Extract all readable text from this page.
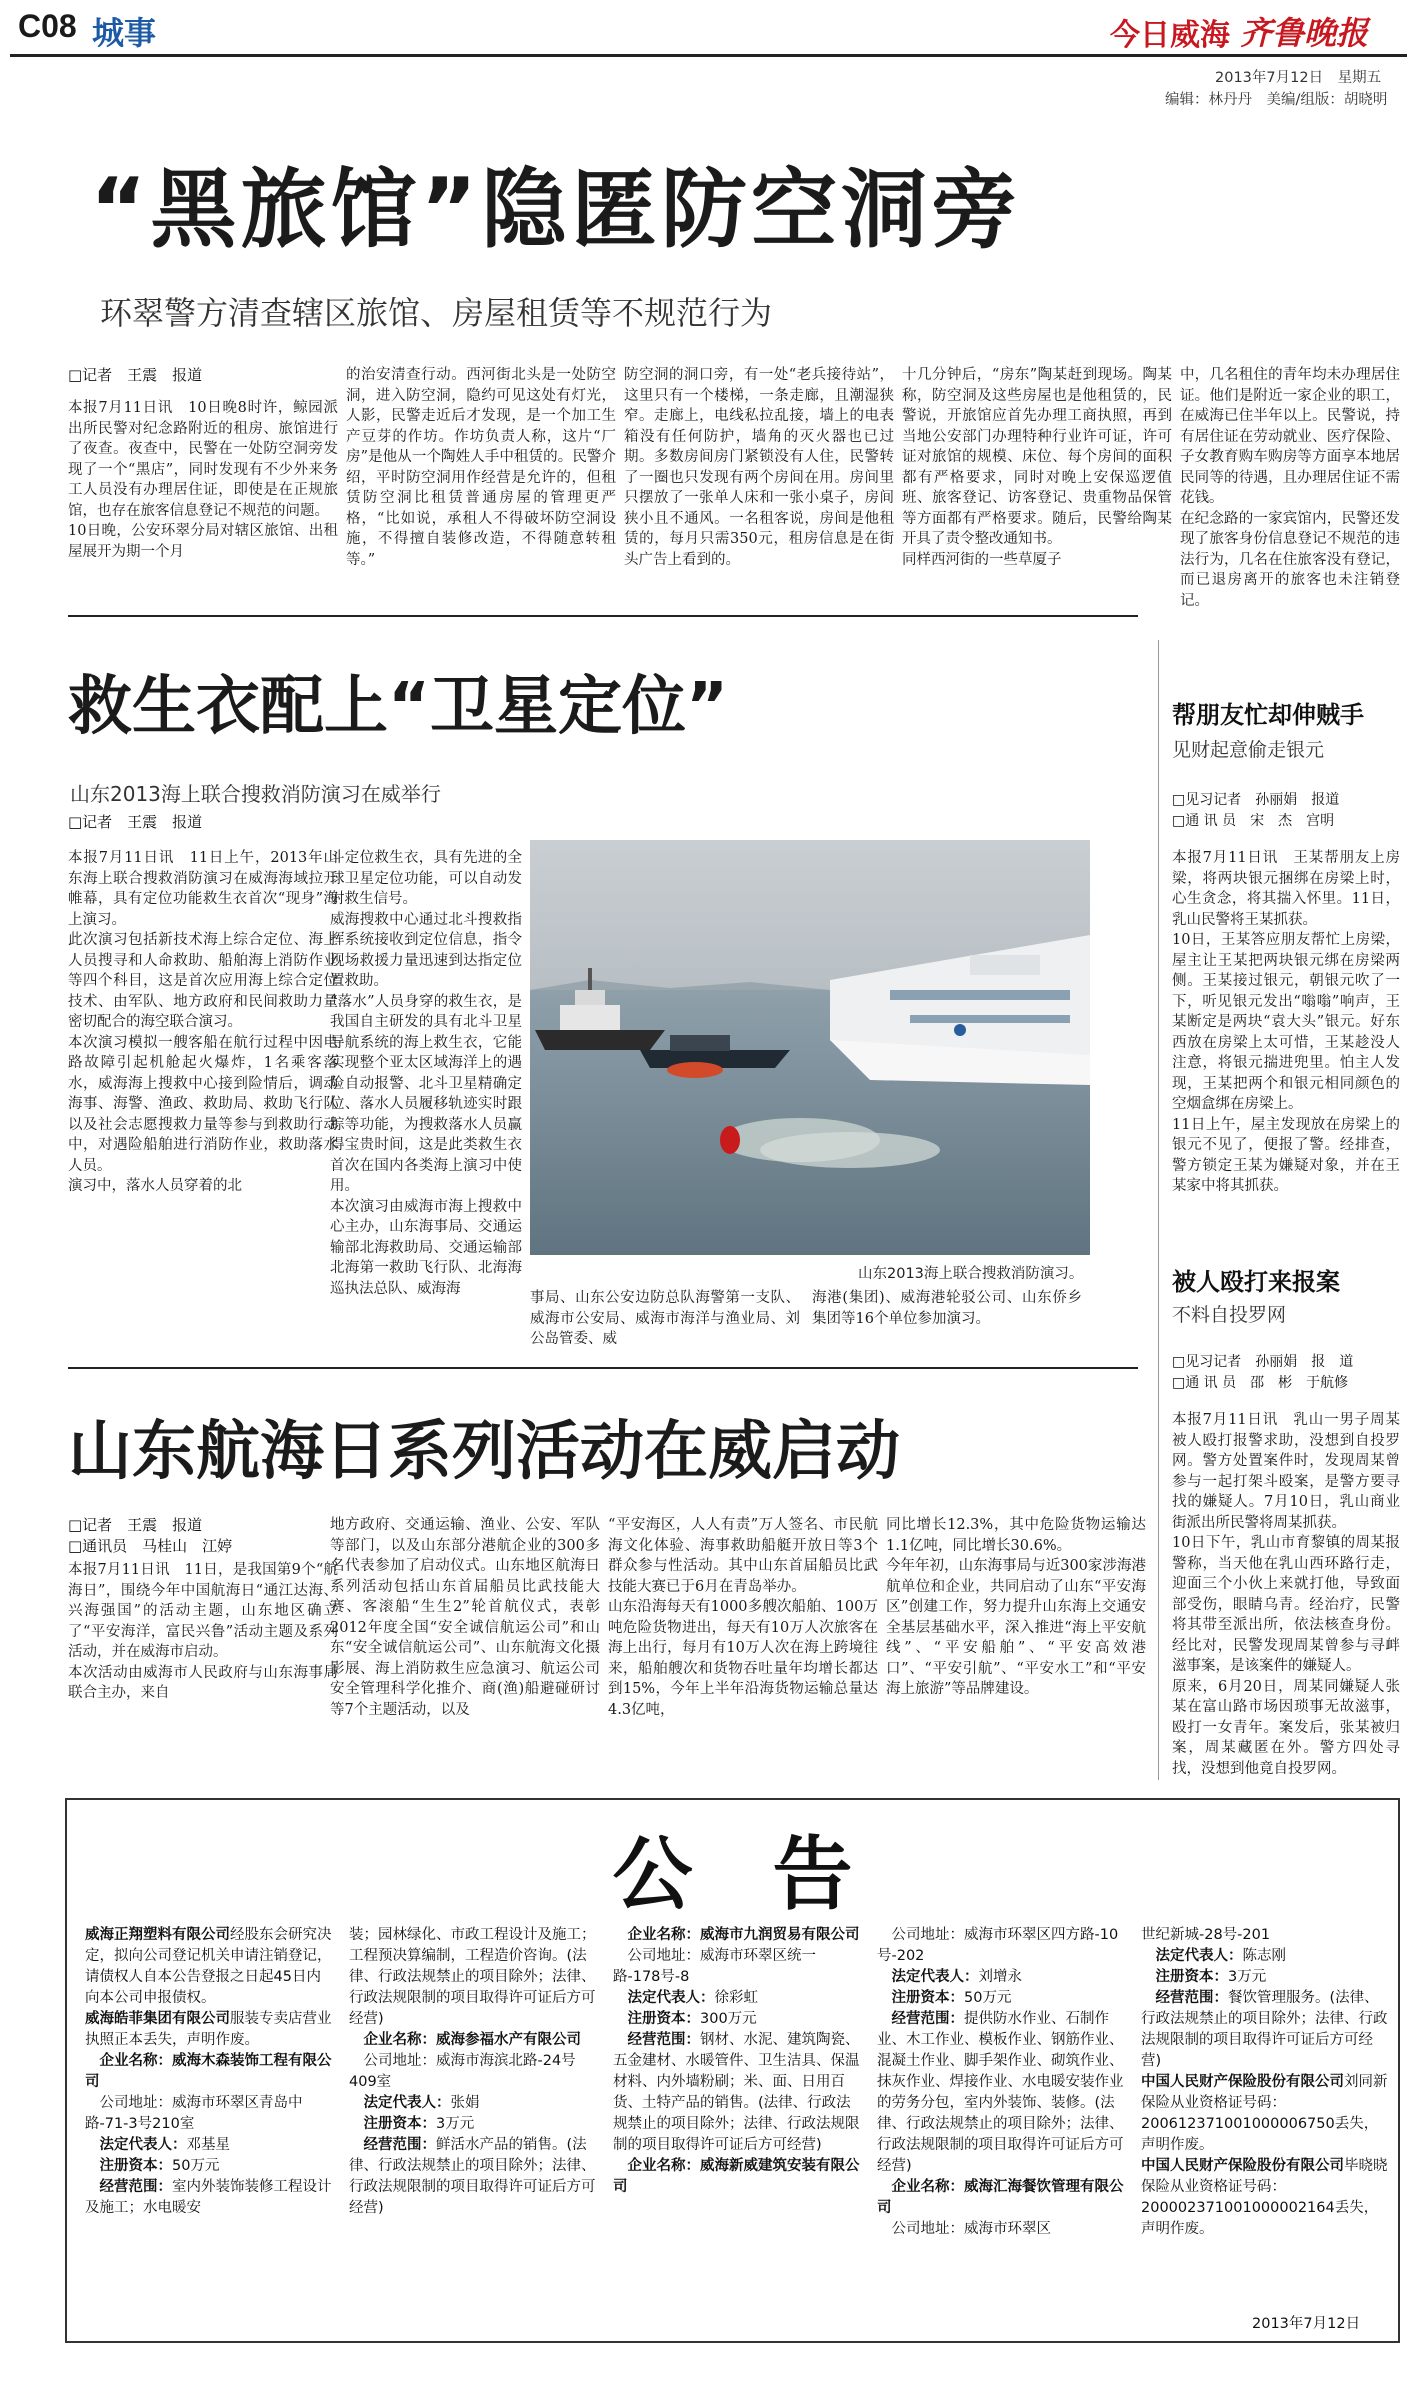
C08 城事	今日威海 齐鲁晚报
2013年7月12日　星期五
编辑：林丹丹　美编/组版：胡晓明
“黑旅馆”隐匿防空洞旁
环翠警方清查辖区旅馆、房屋租赁等不规范行为
□记者　王震　报道
本报7月11日讯　10日晚8时许，鲸园派出所民警对纪念路附近的租房、旅馆进行了夜查。夜查中，民警在一处防空洞旁发现了一个“黑店”，同时发现有不少外来务工人员没有办理居住证，即使是在正规旅馆，也存在旅客信息登记不规范的问题。
10日晚，公安环翠分局对辖区旅馆、出租屋展开为期一个月
的治安清查行动。西河街北头是一处防空洞，进入防空洞，隐约可见这处有灯光，人影，民警走近后才发现，是一个加工生产豆芽的作坊。作坊负责人称，这片“厂房”是他从一个陶姓人手中租赁的。民警介绍，平时防空洞用作经营是允许的，但租赁防空洞比租赁普通房屋的管理更严格，“比如说，承租人不得破坏防空洞设施，不得擅自装修改造，不得随意转租等。”
防空洞的洞口旁，有一处“老兵接待站”，这里只有一个楼梯，一条走廊，且潮湿狭窄。走廊上，电线私拉乱接，墙上的电表箱没有任何防护，墙角的灭火器也已过期。多数房间房门紧锁没有人住，民警转了一圈也只发现有两个房间在用。房间里只摆放了一张单人床和一张小桌子，房间狭小且不通风。一名租客说，房间是他租赁的，每月只需350元，租房信息是在街头广告上看到的。
十几分钟后，“房东”陶某赶到现场。陶某称，防空洞及这些房屋也是他租赁的，民警说，开旅馆应首先办理工商执照，再到当地公安部门办理特种行业许可证，许可证对旅馆的规模、床位、每个房间的面积都有严格要求，同时对晚上安保巡逻值班、旅客登记、访客登记、贵重物品保管等方面都有严格要求。随后，民警给陶某开具了责令整改通知书。
同样西河街的一些草厦子
中，几名租住的青年均未办理居住证。他们是附近一家企业的职工，在威海已住半年以上。民警说，持有居住证在劳动就业、医疗保险、子女教育购车购房等方面享本地居民同等的待遇，且办理居住证不需花钱。
在纪念路的一家宾馆内，民警还发现了旅客身份信息登记不规范的违法行为，几名在住旅客没有登记，而已退房离开的旅客也未注销登记。
救生衣配上“卫星定位”
山东2013海上联合搜救消防演习在威举行
□记者　王震　报道
本报7月11日讯　11日上午，2013年山东海上联合搜救消防演习在威海海域拉开帷幕，具有定位功能救生衣首次“现身”海上演习。
此次演习包括新技术海上综合定位、海上人员搜寻和人命救助、船舶海上消防作业等四个科目，这是首次应用海上综合定位技术、由军队、地方政府和民间救助力量密切配合的海空联合演习。
本次演习模拟一艘客船在航行过程中因电路故障引起机舱起火爆炸，1名乘客落水，威海海上搜救中心接到险情后，调动海事、海警、渔政、救助局、救助飞行队以及社会志愿搜救力量等参与到救助行动中，对遇险船舶进行消防作业，救助落水人员。
演习中，落水人员穿着的北
斗定位救生衣，具有先进的全球卫星定位功能，可以自动发射救生信号。
威海搜救中心通过北斗搜救指挥系统接收到定位信息，指令现场救援力量迅速到达指定位置救助。
“落水”人员身穿的救生衣，是我国自主研发的具有北斗卫星导航系统的海上救生衣，它能实现整个亚太区域海洋上的遇险自动报警、北斗卫星精确定位、落水人员履移轨迹实时跟踪等功能，为搜救落水人员赢得宝贵时间，这是此类救生衣首次在国内各类海上演习中使用。
本次演习由威海市海上搜救中心主办，山东海事局、交通运输部北海救助局、交通运输部北海第一救助飞行队、北海海巡执法总队、威海海
山东2013海上联合搜救消防演习。
事局、山东公安边防总队海警第一支队、威海市公安局、威海市海洋与渔业局、刘公岛管委、威
海港(集团)、威海港轮驳公司、山东侨乡集团等16个单位参加演习。
山东航海日系列活动在威启动
□记者　王震　报道
□通讯员　马桂山　江婷
本报7月11日讯　11日，是我国第9个“航海日”，围绕今年中国航海日“通江达海、兴海强国”的活动主题，山东地区确立了“平安海洋，富民兴鲁”活动主题及系列活动，并在威海市启动。
本次活动由威海市人民政府与山东海事局联合主办，来自
地方政府、交通运输、渔业、公安、军队等部门，以及山东部分港航企业的300多名代表参加了启动仪式。山东地区航海日系列活动包括山东首届船员比武技能大赛、客滚船“生生2”轮首航仪式，表彰2012年度全国“安全诚信航运公司”和山东“安全诚信航运公司”、山东航海文化摄影展、海上消防救生应急演习、航运公司安全管理科学化推介、商(渔)船避碰研讨等7个主题活动，以及
“平安海区，人人有责”万人签名、市民航海文化体验、海事救助船艇开放日等3个群众参与性活动。其中山东首届船员比武技能大赛已于6月在青岛举办。
山东沿海每天有1000多艘次船舶、100万吨危险货物进出，每天有10万人次旅客在海上出行，每月有10万人次在海上跨境往来，船舶艘次和货物吞吐量年均增长都达到15%，今年上半年沿海货物运输总量达4.3亿吨，
同比增长12.3%，其中危险货物运输达1.1亿吨，同比增长30.6%。
今年年初，山东海事局与近300家涉海港航单位和企业，共同启动了山东“平安海区”创建工作，努力提升山东海上交通安全基层基础水平，深入推进“海上平安航线”、“平安船舶”、“平安高效港口”、“平安引航”、“平安水工”和“平安海上旅游”等品牌建设。
帮朋友忙却伸贼手
见财起意偷走银元
□见习记者　孙丽娟　报道
□通 讯 员　宋　杰　宫明
本报7月11日讯　王某帮朋友上房梁，将两块银元捆绑在房梁上时，心生贪念，将其揣入怀里。11日，乳山民警将王某抓获。
10日，王某答应朋友帮忙上房梁，屋主让王某把两块银元绑在房梁两侧。王某接过银元，朝银元吹了一下，听见银元发出“嗡嗡”响声，王某断定是两块“袁大头”银元。好东西放在房梁上太可惜，王某趁没人注意，将银元揣进兜里。怕主人发现，王某把两个和银元相同颜色的空烟盒绑在房梁上。
11日上午，屋主发现放在房梁上的银元不见了，便报了警。经排查，警方锁定王某为嫌疑对象，并在王某家中将其抓获。
被人殴打来报案
不料自投罗网
□见习记者　孙丽娟　报　道
□通 讯 员　邵　彬　于航修
本报7月11日讯　乳山一男子周某被人殴打报警求助，没想到自投罗网。警方处置案件时，发现周某曾参与一起打架斗殴案，是警方要寻找的嫌疑人。7月10日，乳山商业街派出所民警将周某抓获。
10日下午，乳山市育黎镇的周某报警称，当天他在乳山西环路行走，迎面三个小伙上来就打他，导致面部受伤，眼睛乌青。经治疗，民警将其带至派出所，依法核查身份。经比对，民警发现周某曾参与寻衅滋事案，是该案件的嫌疑人。
原来，6月20日，周某同嫌疑人张某在富山路市场因琐事无故滋事，殴打一女青年。案发后，张某被归案，周某藏匿在外。警方四处寻找，没想到他竟自投罗网。
公　告
威海正翔塑料有限公司经股东会研究决定，拟向公司登记机关申请注销登记，请债权人自本公告登报之日起45日内向本公司申报债权。
威海皓菲集团有限公司服装专卖店营业执照正本丢失，声明作废。
　企业名称：威海木森装饰工程有限公司
　公司地址：威海市环翠区青岛中路-71-3号210室
　法定代表人：邓基星
　注册资本：50万元
　经营范围：室内外装饰装修工程设计及施工；水电暖安
装；园林绿化、市政工程设计及施工；工程预决算编制，工程造价咨询。(法律、行政法规禁止的项目除外；法律、行政法规限制的项目取得许可证后方可经营)
　企业名称：威海参福水产有限公司
　公司地址：威海市海滨北路-24号409室
　法定代表人：张娟
　注册资本：3万元
　经营范围：鲜活水产品的销售。(法律、行政法规禁止的项目除外；法律、行政法规限制的项目取得许可证后方可经营)
　企业名称：威海市九润贸易有限公司
　公司地址：威海市环翠区统一路-178号-8
　法定代表人：徐彩虹
　注册资本：300万元
　经营范围：钢材、水泥、建筑陶瓷、五金建材、水暖管件、卫生洁具、保温材料、内外墙粉刷；米、面、日用百货、土特产品的销售。(法律、行政法规禁止的项目除外；法律、行政法规限制的项目取得许可证后方可经营)
　企业名称：威海新威建筑安装有限公司
　公司地址：威海市环翠区四方路-10号-202
　法定代表人：刘增永
　注册资本：50万元
　经营范围：提供防水作业、石制作业、木工作业、模板作业、钢筋作业、混凝土作业、脚手架作业、砌筑作业、抹灰作业、焊接作业、水电暖安装作业的劳务分包，室内外装饰、装修。(法律、行政法规禁止的项目除外；法律、行政法规限制的项目取得许可证后方可经营)
　企业名称：威海汇海餐饮管理有限公司
　公司地址：威海市环翠区
世纪新城-28号-201
　法定代表人：陈志刚
　注册资本：3万元
　经营范围：餐饮管理服务。(法律、行政法规禁止的项目除外；法律、行政法规限制的项目取得许可证后方可经营)
中国人民财产保险股份有限公司刘同新保险从业资格证号码：200612371001000006750丢失，声明作废。
中国人民财产保险股份有限公司毕晓晓保险从业资格证号码：200002371001000002164丢失，声明作废。
2013年7月12日
